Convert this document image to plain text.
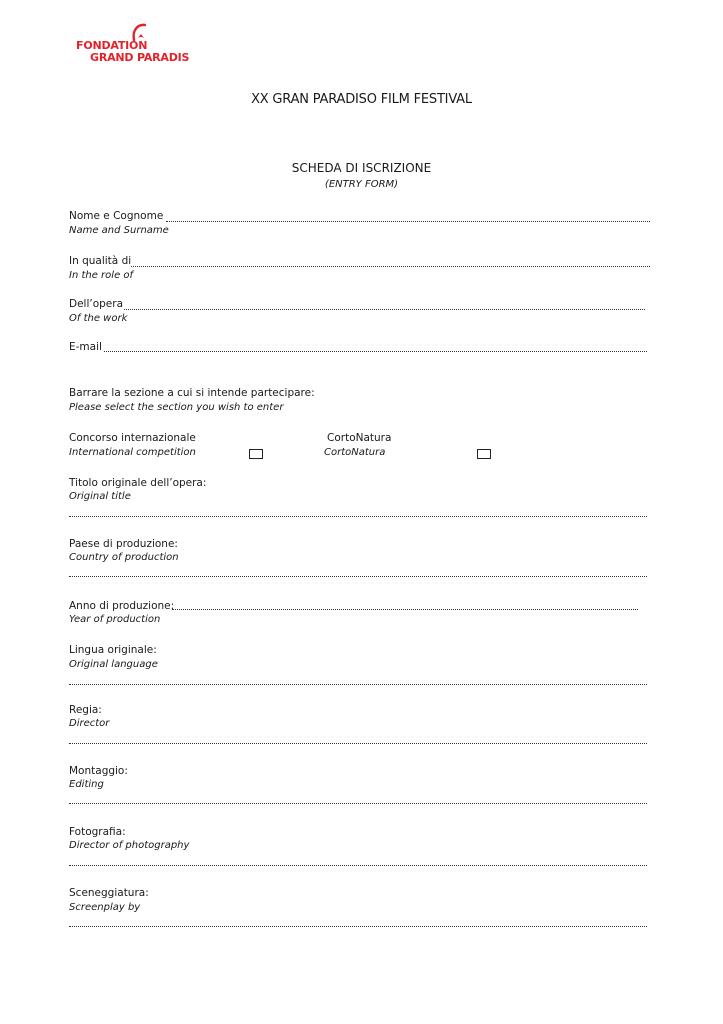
FONDATION
GRAND PARADIS
XX GRAN PARADISO FILM FESTIVAL
SCHEDA DI ISCRIZIONE
(ENTRY FORM)
Nome e Cognome
Name and Surname
In qualità di
In the role of
Dell’opera
Of the work
E-mail
Barrare la sezione a cui si intende partecipare:
Please select the section you wish to enter
Concorso internazionale
International competition
CortoNatura
CortoNatura
Titolo originale dell’opera:
Original title
Paese di produzione:
Country of production
Anno di produzione:
Year of production
Lingua originale:
Original language
Regia:
Director
Montaggio:
Editing
Fotografia:
Director of photography
Sceneggiatura:
Screenplay by
